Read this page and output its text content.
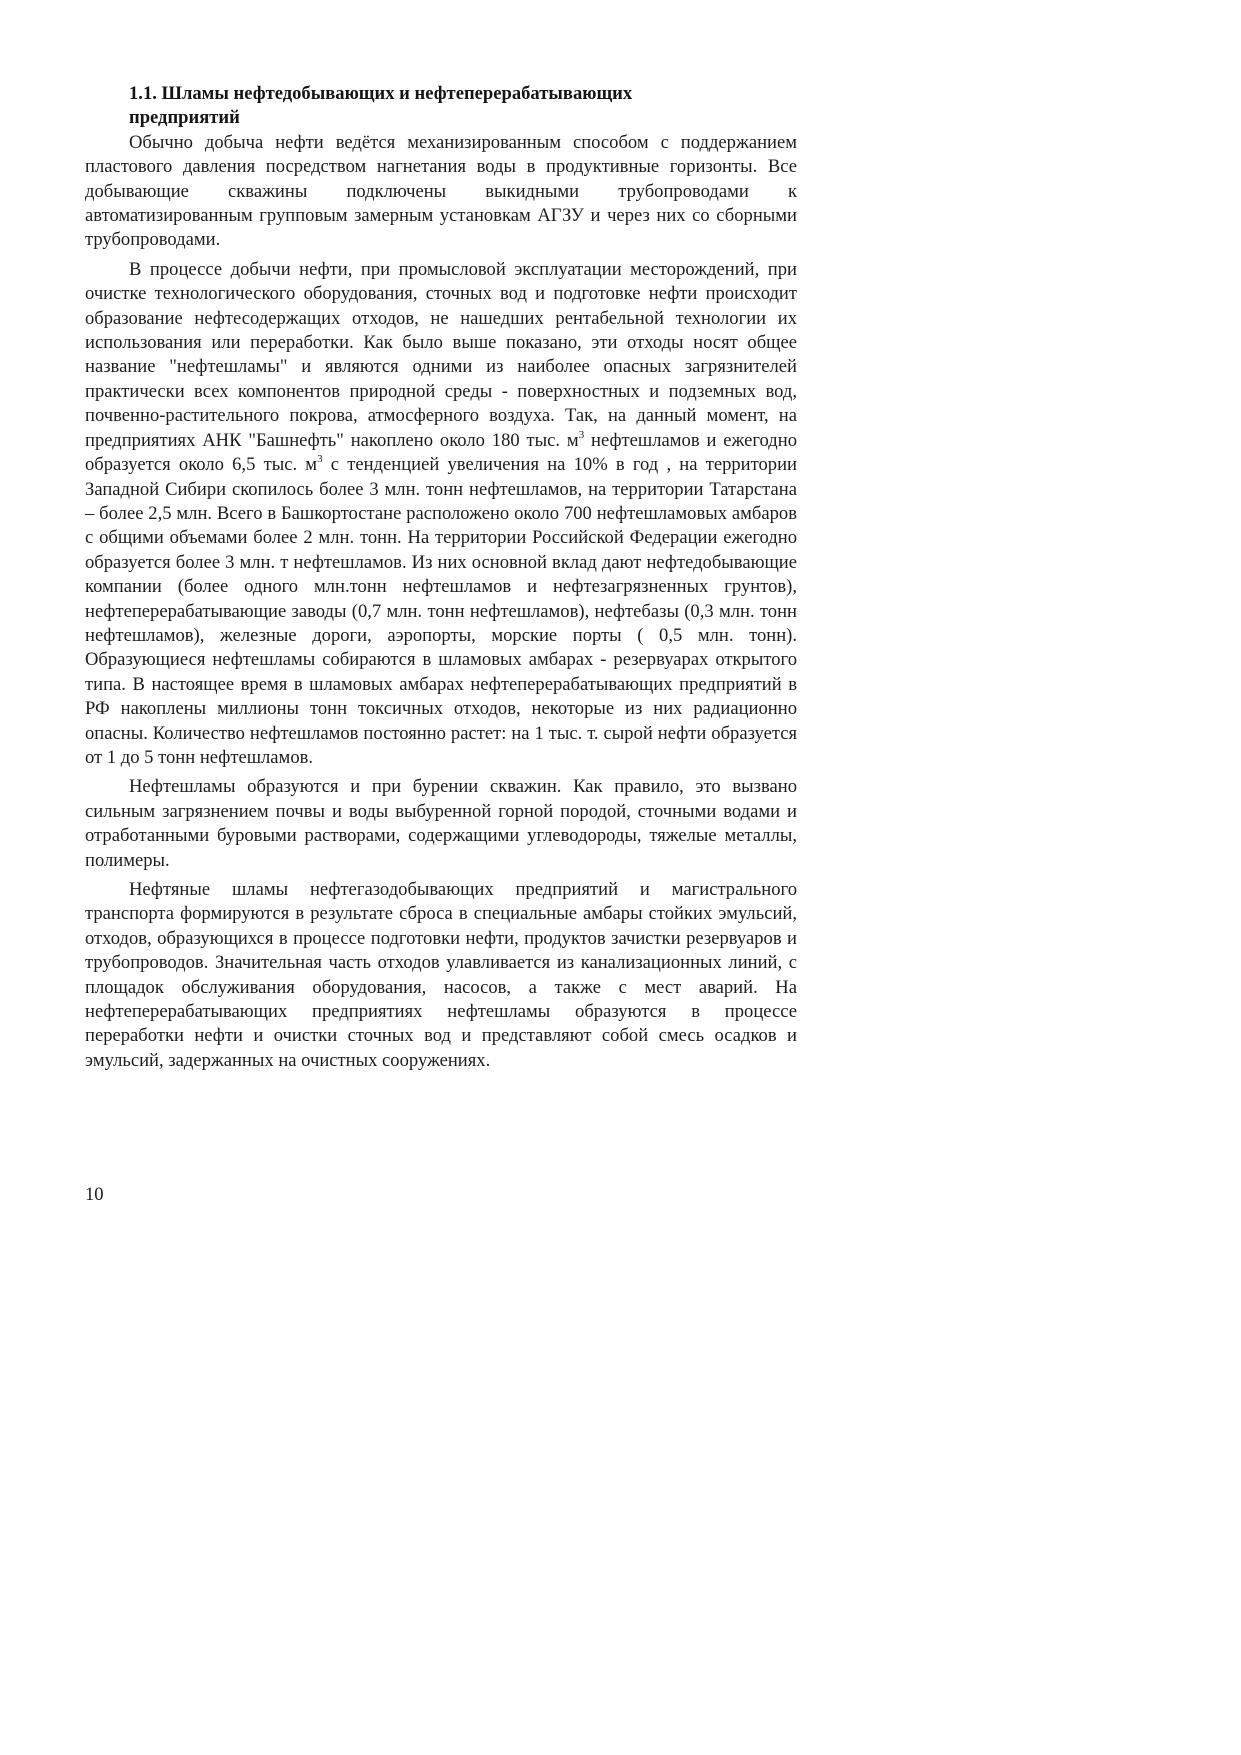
1.1. Шламы нефтедобывающих и нефтеперерабатывающих
предприятий

Обычно добыча нефти ведётся механизированным способом с поддержанием пластового давления посредством нагнетания воды в продуктивные горизонты. Все добывающие скважины подключены выкидными трубопроводами к автоматизированным групповым замерным установкам АГЗУ и через них со сборными трубопроводами.

В процессе добычи нефти, при промысловой эксплуатации месторождений, при очистке технологического оборудования, сточных вод и подготовке нефти происходит образование нефтесодержащих отходов, не нашедших рентабельной технологии их использования или переработки. Как было выше показано, эти отходы носят общее название "нефтешламы" и являются одними из наиболее опасных загрязнителей практически всех компонентов природной среды - поверхностных и подземных вод, почвенно-растительного покрова, атмосферного воздуха. Так, на данный момент, на предприятиях АНК "Башнефть" накоплено около 180 тыс. $м^3$ нефтешламов и ежегодно образуется около 6,5 тыс. $м^3$ с тенденцией увеличения на 10% в год , на территории Западной Сибири скопилось более 3 млн. тонн нефтешламов, на территории Татарстана – более 2,5 млн. Всего в Башкортостане расположено около 700 нефтешламовых амбаров с общими объемами более 2 млн. тонн. На территории Российской Федерации ежегодно образуется более 3 млн. т нефтешламов. Из них основной вклад дают нефтедобывающие компании (более одного млн.тонн нефтешламов и нефтезагрязненных грунтов), нефтеперерабатывающие заводы (0,7 млн. тонн нефтешламов), нефтебазы (0,3 млн. тонн нефтешламов), железные дороги, аэропорты, морские порты ( 0,5 млн. тонн). Образующиеся нефтешламы собираются в шламовых амбарах - резервуарах открытого типа. В настоящее время в шламовых амбарах нефтеперерабатывающих предприятий в РФ накоплены миллионы тонн токсичных отходов, некоторые из них радиационно опасны. Количество нефтешламов постоянно растет: на 1 тыс. т. сырой нефти образуется от 1 до 5 тонн нефтешламов.

Нефтешламы образуются и при бурении скважин. Как правило, это вызвано сильным загрязнением почвы и воды выбуренной горной породой, сточными водами и отработанными буровыми растворами, содержащими углеводороды, тяжелые металлы, полимеры.

Нефтяные шламы нефтегазодобывающих предприятий и магистрального транспорта формируются в результате сброса в специальные амбары стойких эмульсий, отходов, образующихся в процессе подготовки нефти, продуктов зачистки резервуаров и трубопроводов. Значительная часть отходов улавливается из канализационных линий, с площадок обслуживания оборудования, насосов, а также с мест аварий. На нефтеперерабатывающих предприятиях нефтешламы образуются в процессе переработки нефти и очистки сточных вод и представляют собой смесь осадков и эмульсий, задержанных на очистных сооружениях.

10
